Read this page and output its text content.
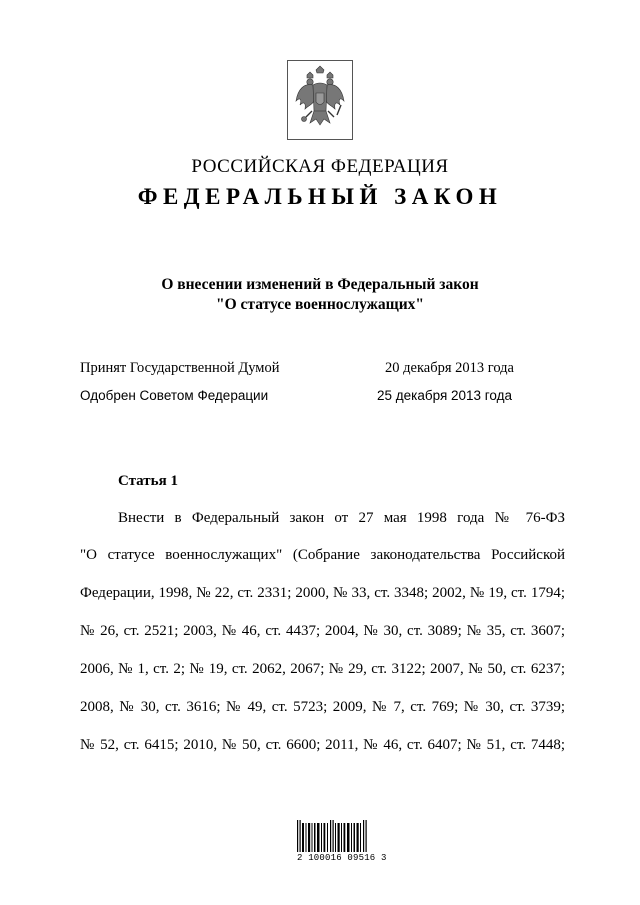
РОССИЙСКАЯ ФЕДЕРАЦИЯ
ФЕДЕРАЛЬНЫЙ ЗАКОН
О внесении изменений в Федеральный закон
"О статусе военнослужащих"
Принят Государственной Думой	20 декабря 2013 года
Одобрен Советом Федерации	25 декабря 2013 года
Статья 1
Внести в Федеральный закон от 27 мая 1998 года № 76-ФЗ
"О статусе военнослужащих" (Собрание законодательства Российской
Федерации, 1998, № 22, ст. 2331; 2000, № 33, ст. 3348; 2002, № 19, ст. 1794;
№ 26, ст. 2521; 2003, № 46, ст. 4437; 2004, № 30, ст. 3089; № 35, ст. 3607;
2006, № 1, ст. 2; № 19, ст. 2062, 2067; № 29, ст. 3122; 2007, № 50, ст. 6237;
2008, № 30, ст. 3616; № 49, ст. 5723; 2009, № 7, ст. 769; № 30, ст. 3739;
№ 52, ст. 6415; 2010, № 50, ст. 6600; 2011, № 46, ст. 6407; № 51, ст. 7448;
2 100016 09516 3
